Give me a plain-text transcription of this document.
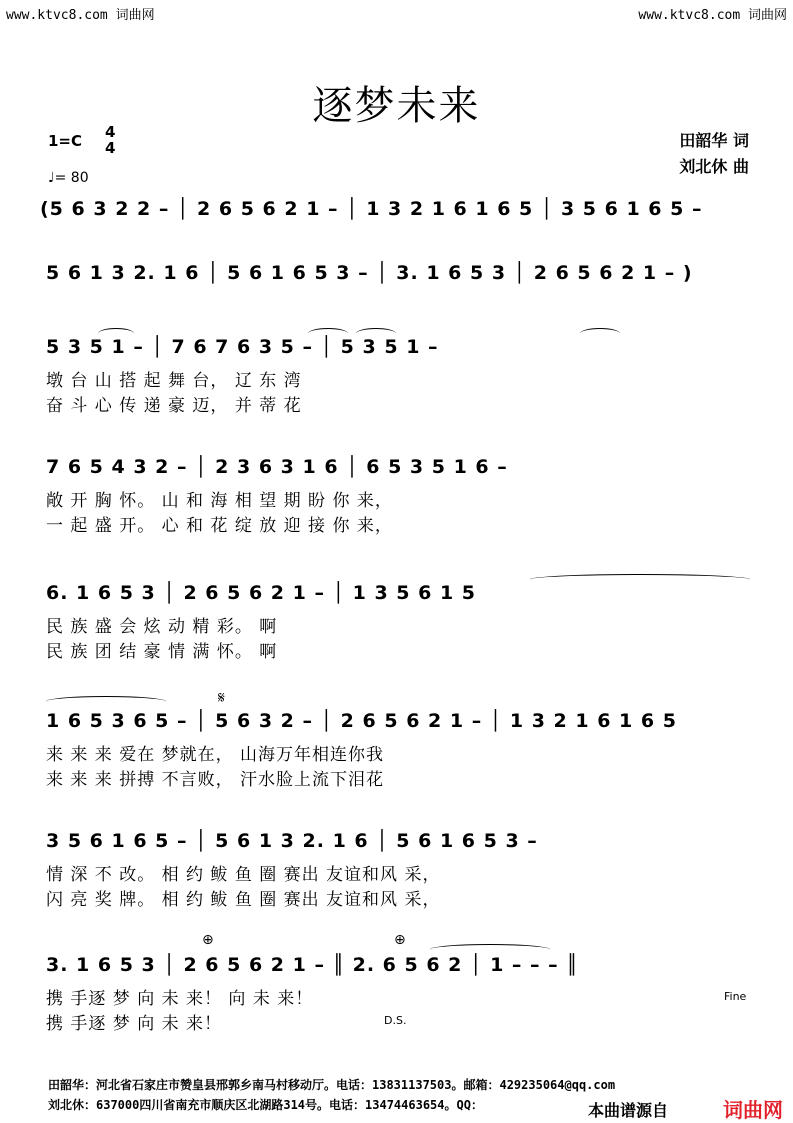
www.ktvc8.com 词曲网	www.ktvc8.com 词曲网
逐梦未来
1=C 4
4
♩= 80
田韶华 词
刘北休 曲
(5 6 3 2 2 – │ 2 6 5 6 2 1 – │ 1 3 2 1 6 1 6 5 │ 3 5 6 1 6 5 –
5 6 1 3 2. 1 6 │ 5 6 1 6 5 3 – │ 3. 1 6 5 3 │ 2 6 5 6 2 1 – )
5 3 5 1 – │ 7 6 7 6 3 5 – │ 5 3 5 1 –
墩 台 山 搭 起 舞 台， 辽 东 湾
奋 斗 心 传 递 豪 迈， 并 蒂 花
7 6 5 4 3 2 – │ 2 3 6 3 1 6 │ 6 5 3 5 1 6 –
敞 开 胸 怀。 山 和 海 相 望 期 盼 你 来，
一 起 盛 开。 心 和 花 绽 放 迎 接 你 来，
6. 1 6 5 3 │ 2 6 5 6 2 1 – │ 1 3 5 6 1 5
民 族 盛 会 炫 动 精 彩。 啊
民 族 团 结 豪 情 满 怀。 啊
𝄋
1 6 5 3 6 5 – │ 5 6 3 2 – │ 2 6 5 6 2 1 – │ 1 3 2 1 6 1 6 5
来 来 来 爱在 梦就在， 山海万年相连你我
来 来 来 拼搏 不言败， 汗水脸上流下泪花
3 5 6 1 6 5 – │ 5 6 1 3 2. 1 6 │ 5 6 1 6 5 3 –
情 深 不 改。 相 约 鲅 鱼 圈 赛出 友谊和风 采，
闪 亮 奖 牌。 相 约 鲅 鱼 圈 赛出 友谊和风 采，
⊕	⊕
3. 1 6 5 3 │ 2 6 5 6 2 1 – ║ 2. 6 5 6 2 │ 1 – – – ║
携 手逐 梦 向 未 来！ 向 未 来！
携 手逐 梦 向 未 来！
Fine
D.S.
田韶华：河北省石家庄市赞皇县邢郭乡南马村移动厅。电话：13831137503。邮箱：429235064@qq.com
刘北休：637000四川省南充市顺庆区北湖路314号。电话：13474463654。QQ：	本曲谱源自	词曲网
